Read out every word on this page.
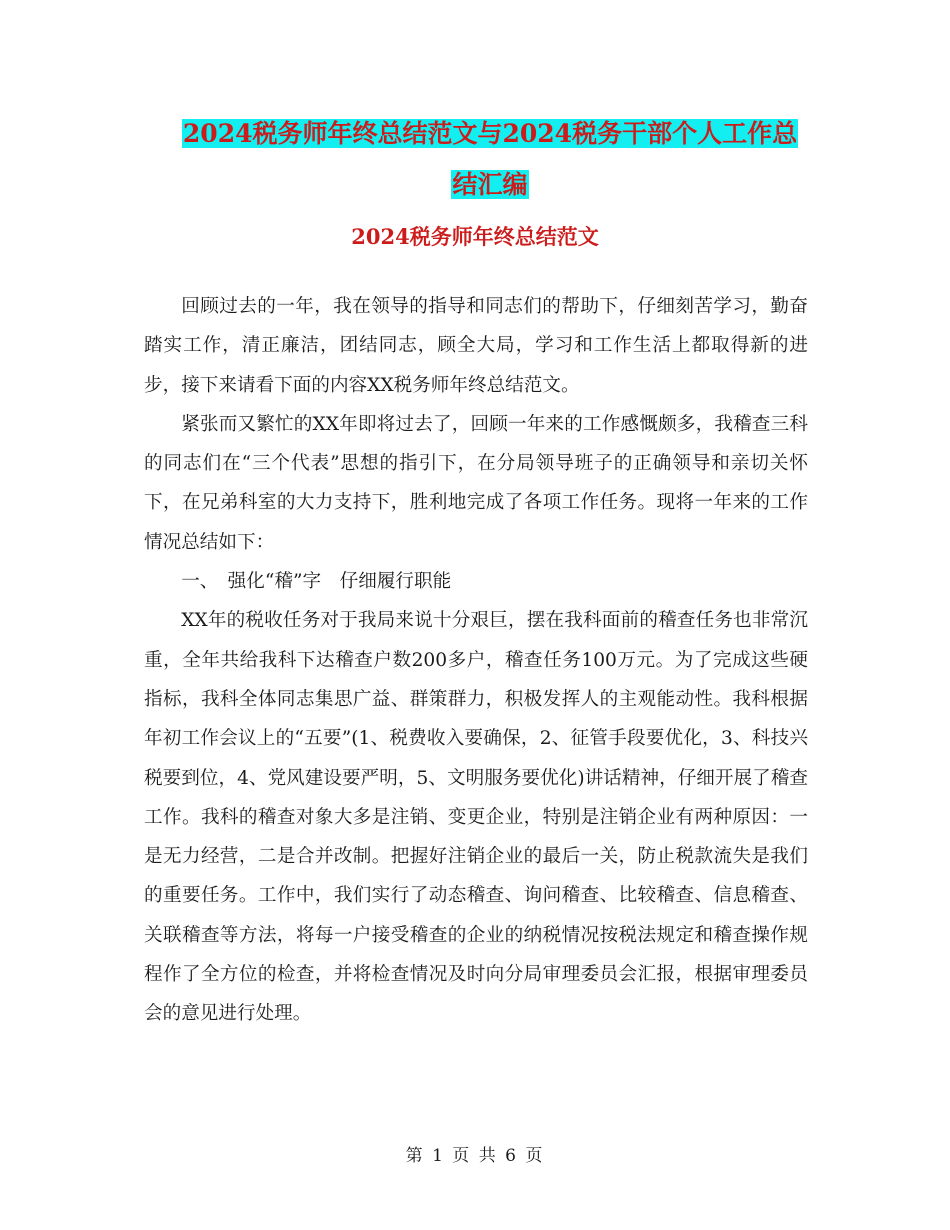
2024税务师年终总结范文与2024税务干部个人工作总
结汇编
2024税务师年终总结范文

回顾过去的一年，我在领导的指导和同志们的帮助下，仔细刻苦学习，勤奋踏实工作，清正廉洁，团结同志，顾全大局，学习和工作生活上都取得新的进步，接下来请看下面的内容XX税务师年终总结范文。

紧张而又繁忙的XX年即将过去了，回顾一年来的工作感慨颇多，我稽查三科的同志们在“三个代表”思想的指引下，在分局领导班子的正确领导和亲切关怀下，在兄弟科室的大力支持下，胜利地完成了各项工作任务。现将一年来的工作情况总结如下：

一、　强化“稽”字　仔细履行职能

XX年的税收任务对于我局来说十分艰巨，摆在我科面前的稽查任务也非常沉重，全年共给我科下达稽查户数200多户，稽查任务100万元。为了完成这些硬指标，我科全体同志集思广益、群策群力，积极发挥人的主观能动性。我科根据年初工作会议上的“五要”(1、税费收入要确保，2、征管手段要优化，3、科技兴税要到位，4、党风建设要严明，5、文明服务要优化)讲话精神，仔细开展了稽查工作。我科的稽查对象大多是注销、变更企业，特别是注销企业有两种原因：一是无力经营，二是合并改制。把握好注销企业的最后一关，防止税款流失是我们的重要任务。工作中，我们实行了动态稽查、询问稽查、比较稽查、信息稽查、关联稽查等方法，将每一户接受稽查的企业的纳税情况按税法规定和稽查操作规程作了全方位的检查，并将检查情况及时向分局审理委员会汇报，根据审理委员会的意见进行处理。

第 1 页 共 6 页
